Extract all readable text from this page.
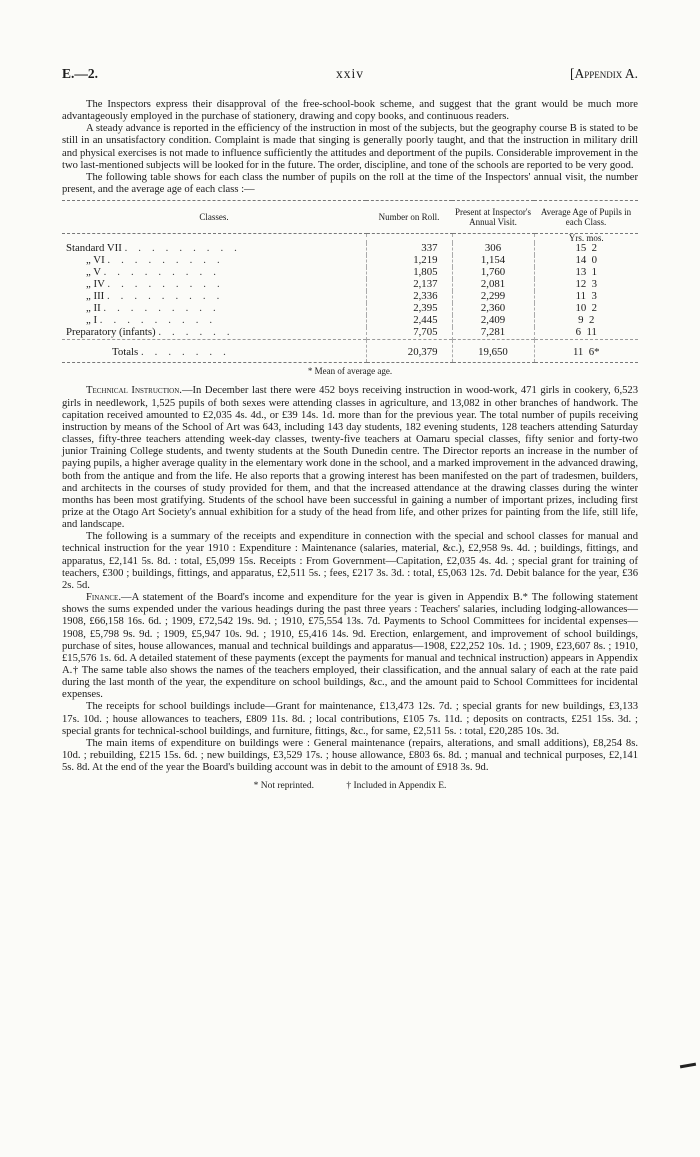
E.—2.	xxiv	[Appendix A.

The Inspectors express their disapproval of the free-school-book scheme, and suggest that the grant would be much more advantageously employed in the purchase of stationery, drawing and copy books, and continuous readers.

A steady advance is reported in the efficiency of the instruction in most of the subjects, but the geography course B is stated to be still in an unsatisfactory condition. Complaint is made that singing is generally poorly taught, and that the instruction in military drill and physical exercises is not made to influence sufficiently the attitudes and deportment of the pupils. Considerable improvement in the two last-mentioned subjects will be looked for in the future. The order, discipline, and tone of the schools are reported to be very good.

The following table shows for each class the number of pupils on the roll at the time of the Inspectors' annual visit, the number present, and the average age of each class :—

Classes.	Number on Roll.	Present at Inspector's Annual Visit.	Average Age of Pupils in each Class.
			Yrs. mos.
Standard VII .........	337	306	15 2
„ VI .........	1,219	1,154	14 0
„ V .........	1,805	1,760	13 1
„ IV .........	2,137	2,081	12 3
„ III .........	2,336	2,299	11 3
„ II .........	2,395	2,360	10 2
„ I .........	2,445	2,409	9 2
Preparatory (infants) ......	7,705	7,281	6 11
Totals .......	20,379	19,650	11 6*
* Mean of average age.

Technical Instruction.—In December last there were 452 boys receiving instruction in wood-work, 471 girls in cookery, 6,523 girls in needlework, 1,525 pupils of both sexes were attending classes in agriculture, and 13,082 in other branches of handwork. The capitation received amounted to £2,035 4s. 4d., or £39 14s. 1d. more than for the previous year. The total number of pupils receiving instruction by means of the School of Art was 643, including 143 day students, 182 evening students, 128 teachers attending Saturday classes, fifty-three teachers attending week-day classes, twenty-five teachers at Oamaru special classes, fifty senior and forty-two junior Training College students, and twenty students at the South Dunedin centre. The Director reports an increase in the number of paying pupils, a higher average quality in the elementary work done in the school, and a marked improvement in the advanced drawing, both from the antique and from the life. He also reports that a growing interest has been manifested on the part of tradesmen, builders, and architects in the courses of study provided for them, and that the increased attendance at the drawing classes during the winter months has been most gratifying. Students of the school have been successful in gaining a number of important prizes, including first prize at the Otago Art Society's annual exhibition for a study of the head from life, and other prizes for painting from the life, still life, and landscape.

The following is a summary of the receipts and expenditure in connection with the special and school classes for manual and technical instruction for the year 1910 : Expenditure : Maintenance (salaries, material, &c.), £2,958 9s. 4d. ; buildings, fittings, and apparatus, £2,141 5s. 8d. : total, £5,099 15s. Receipts : From Government—Capitation, £2,035 4s. 4d. ; special grant for training of teachers, £300 ; buildings, fittings, and apparatus, £2,511 5s. ; fees, £217 3s. 3d. : total, £5,063 12s. 7d. Debit balance for the year, £36 2s. 5d.

Finance.—A statement of the Board's income and expenditure for the year is given in Appendix B.* The following statement shows the sums expended under the various headings during the past three years : Teachers' salaries, including lodging-allowances—1908, £66,158 16s. 6d. ; 1909, £72,542 19s. 9d. ; 1910, £75,554 13s. 7d. Payments to School Committees for incidental expenses—1908, £5,798 9s. 9d. ; 1909, £5,947 10s. 9d. ; 1910, £5,416 14s. 9d. Erection, enlargement, and improvement of school buildings, purchase of sites, house allowances, manual and technical buildings and apparatus—1908, £22,252 10s. 1d. ; 1909, £23,607 8s. ; 1910, £15,576 1s. 6d. A detailed statement of these payments (except the payments for manual and technical instruction) appears in Appendix A.† The same table also shows the names of the teachers employed, their classification, and the annual salary of each at the rate paid during the last month of the year, the expenditure on school buildings, &c., and the amount paid to School Committees for incidental expenses.

The receipts for school buildings include—Grant for maintenance, £13,473 12s. 7d. ; special grants for new buildings, £3,133 17s. 10d. ; house allowances to teachers, £809 11s. 8d. ; local contributions, £105 7s. 11d. ; deposits on contracts, £251 15s. 3d. ; special grants for technical-school buildings, and furniture, fittings, &c., for same, £2,511 5s. : total, £20,285 10s. 3d.

The main items of expenditure on buildings were : General maintenance (repairs, alterations, and small additions), £8,254 8s. 10d. ; rebuilding, £215 15s. 6d. ; new buildings, £3,529 17s. ; house allowance, £803 6s. 8d. ; manual and technical purposes, £2,141 5s. 8d. At the end of the year the Board's building account was in debit to the amount of £918 3s. 9d.

* Not reprinted.	† Included in Appendix E.
